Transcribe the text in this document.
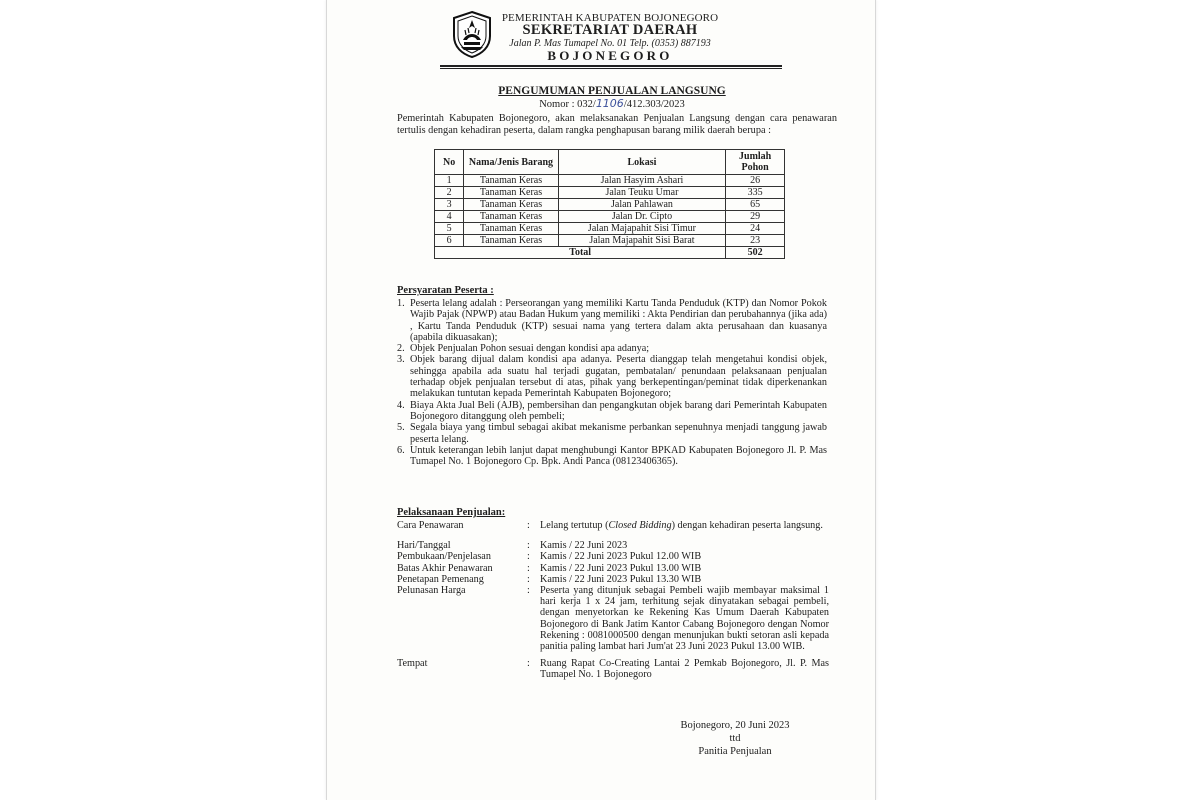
PEMERINTAH KABUPATEN BOJONEGORO
SEKRETARIAT DAERAH
Jalan P. Mas Tumapel No. 01 Telp. (0353) 887193
BOJONEGORO
PENGUMUMAN PENJUALAN LANGSUNG
Nomor : 032/1106/412.303/2023
Pemerintah Kabupaten Bojonegoro, akan melaksanakan Penjualan Langsung dengan cara penawaran tertulis dengan kehadiran peserta, dalam rangka penghapusan barang milik daerah berupa :
No	Nama/Jenis Barang	Lokasi	Jumlah Pohon
1	Tanaman Keras	Jalan Hasyim Ashari	26
2	Tanaman Keras	Jalan Teuku Umar	335
3	Tanaman Keras	Jalan Pahlawan	65
4	Tanaman Keras	Jalan Dr. Cipto	29
5	Tanaman Keras	Jalan Majapahit Sisi Timur	24
6	Tanaman Keras	Jalan Majapahit Sisi Barat	23
Total			502
Persyaratan Peserta :
1. Peserta lelang adalah : Perseorangan yang memiliki Kartu Tanda Penduduk (KTP) dan Nomor Pokok Wajib Pajak (NPWP) atau Badan Hukum yang memiliki : Akta Pendirian dan perubahannya (jika ada) , Kartu Tanda Penduduk (KTP) sesuai nama yang tertera dalam akta perusahaan dan kuasanya (apabila dikuasakan);
2. Objek Penjualan Pohon sesuai dengan kondisi apa adanya;
3. Objek barang dijual dalam kondisi apa adanya. Peserta dianggap telah mengetahui kondisi objek, sehingga apabila ada suatu hal terjadi gugatan, pembatalan/ penundaan pelaksanaan penjualan terhadap objek penjualan tersebut di atas, pihak yang berkepentingan/peminat tidak diperkenankan melakukan tuntutan kepada Pemerintah Kabupaten Bojonegoro;
4. Biaya Akta Jual Beli (AJB), pembersihan dan pengangkutan objek barang dari Pemerintah Kabupaten Bojonegoro ditanggung oleh pembeli;
5. Segala biaya yang timbul sebagai akibat mekanisme perbankan sepenuhnya menjadi tanggung jawab peserta lelang.
6. Untuk keterangan lebih lanjut dapat menghubungi Kantor BPKAD Kabupaten Bojonegoro Jl. P. Mas Tumapel No. 1 Bojonegoro Cp. Bpk. Andi Panca (08123406365).
Pelaksanaan Penjualan:
Cara Penawaran	: Lelang tertutup (Closed Bidding) dengan kehadiran peserta langsung.
Hari/Tanggal	: Kamis / 22 Juni 2023
Pembukaan/Penjelasan	: Kamis / 22 Juni 2023 Pukul 12.00 WIB
Batas Akhir Penawaran	: Kamis / 22 Juni 2023 Pukul 13.00 WIB
Penetapan Pemenang	: Kamis / 22 Juni 2023 Pukul 13.30 WIB
Pelunasan Harga	: Peserta yang ditunjuk sebagai Pembeli wajib membayar maksimal 1 hari kerja 1 x 24 jam, terhitung sejak dinyatakan sebagai pembeli, dengan menyetorkan ke Rekening Kas Umum Daerah Kabupaten Bojonegoro di Bank Jatim Kantor Cabang Bojonegoro dengan Nomor Rekening : 0081000500 dengan menunjukan bukti setoran asli kepada panitia paling lambat hari Jum'at 23 Juni 2023 Pukul 13.00 WIB.
Tempat	: Ruang Rapat Co-Creating Lantai 2 Pemkab Bojonegoro, Jl. P. Mas Tumapel No. 1 Bojonegoro
Bojonegoro, 20 Juni 2023
ttd
Panitia Penjualan
